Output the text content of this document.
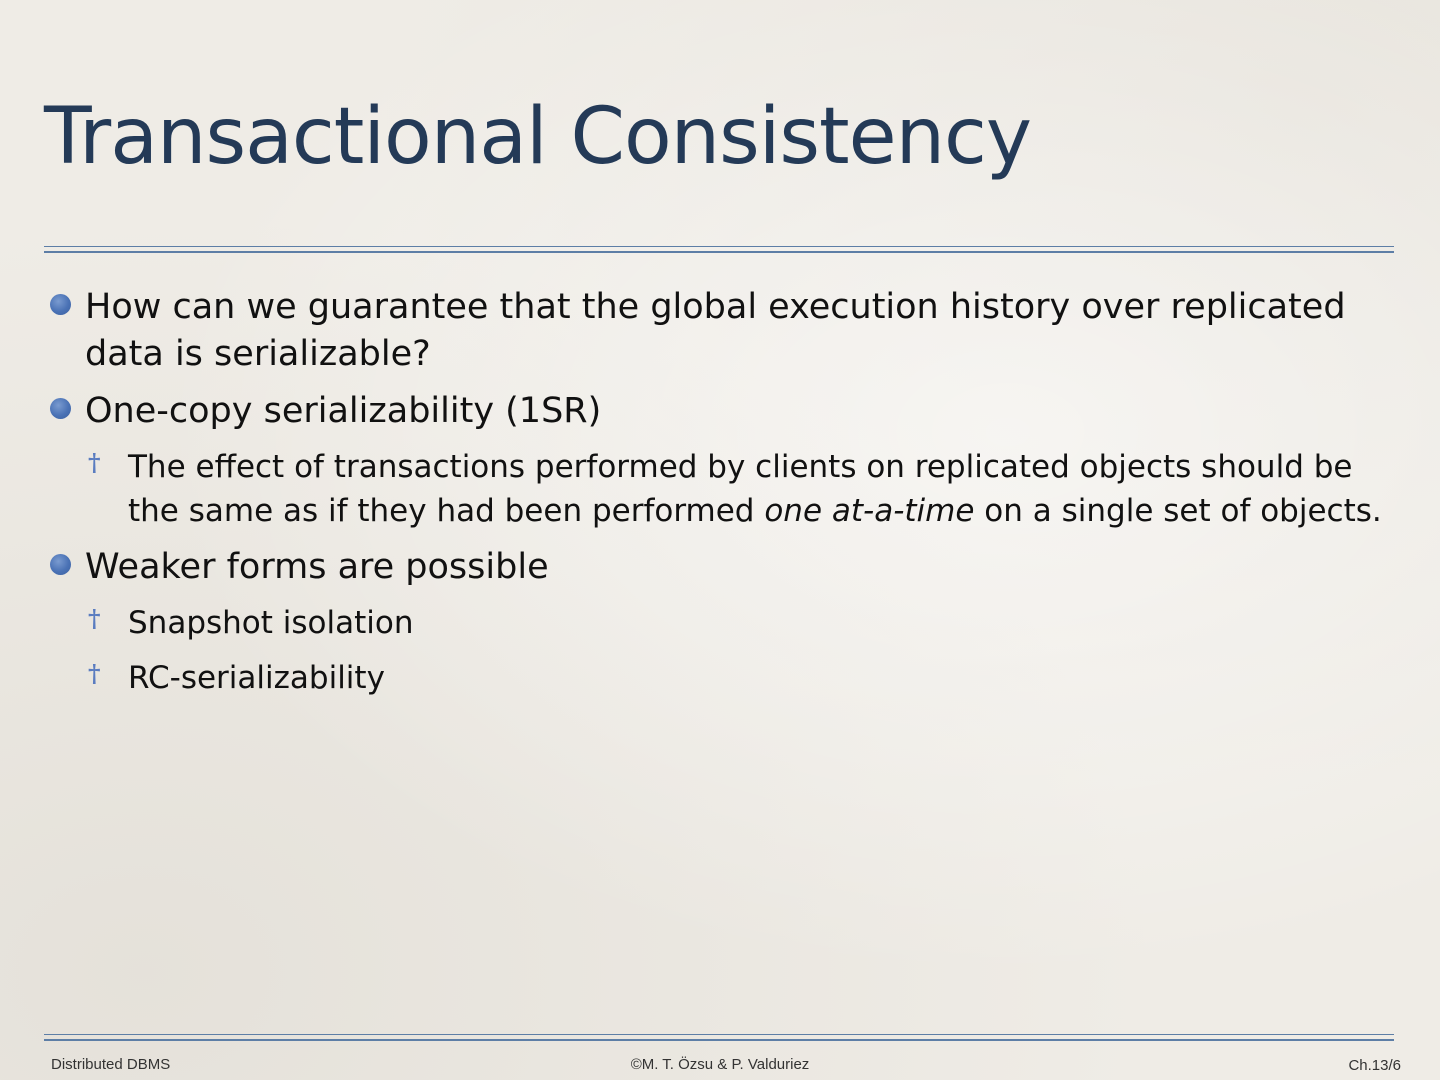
Transactional Consistency
How can we guarantee that the global execution history over replicated data is serializable?
One-copy serializability (1SR)
† The effect of transactions performed by clients on replicated objects should be the same as if they had been performed one at-a-time on a single set of objects.
Weaker forms are possible
† Snapshot isolation
† RC-serializability
Distributed DBMS	©M. T. Özsu & P. Valduriez	Ch.13/6
